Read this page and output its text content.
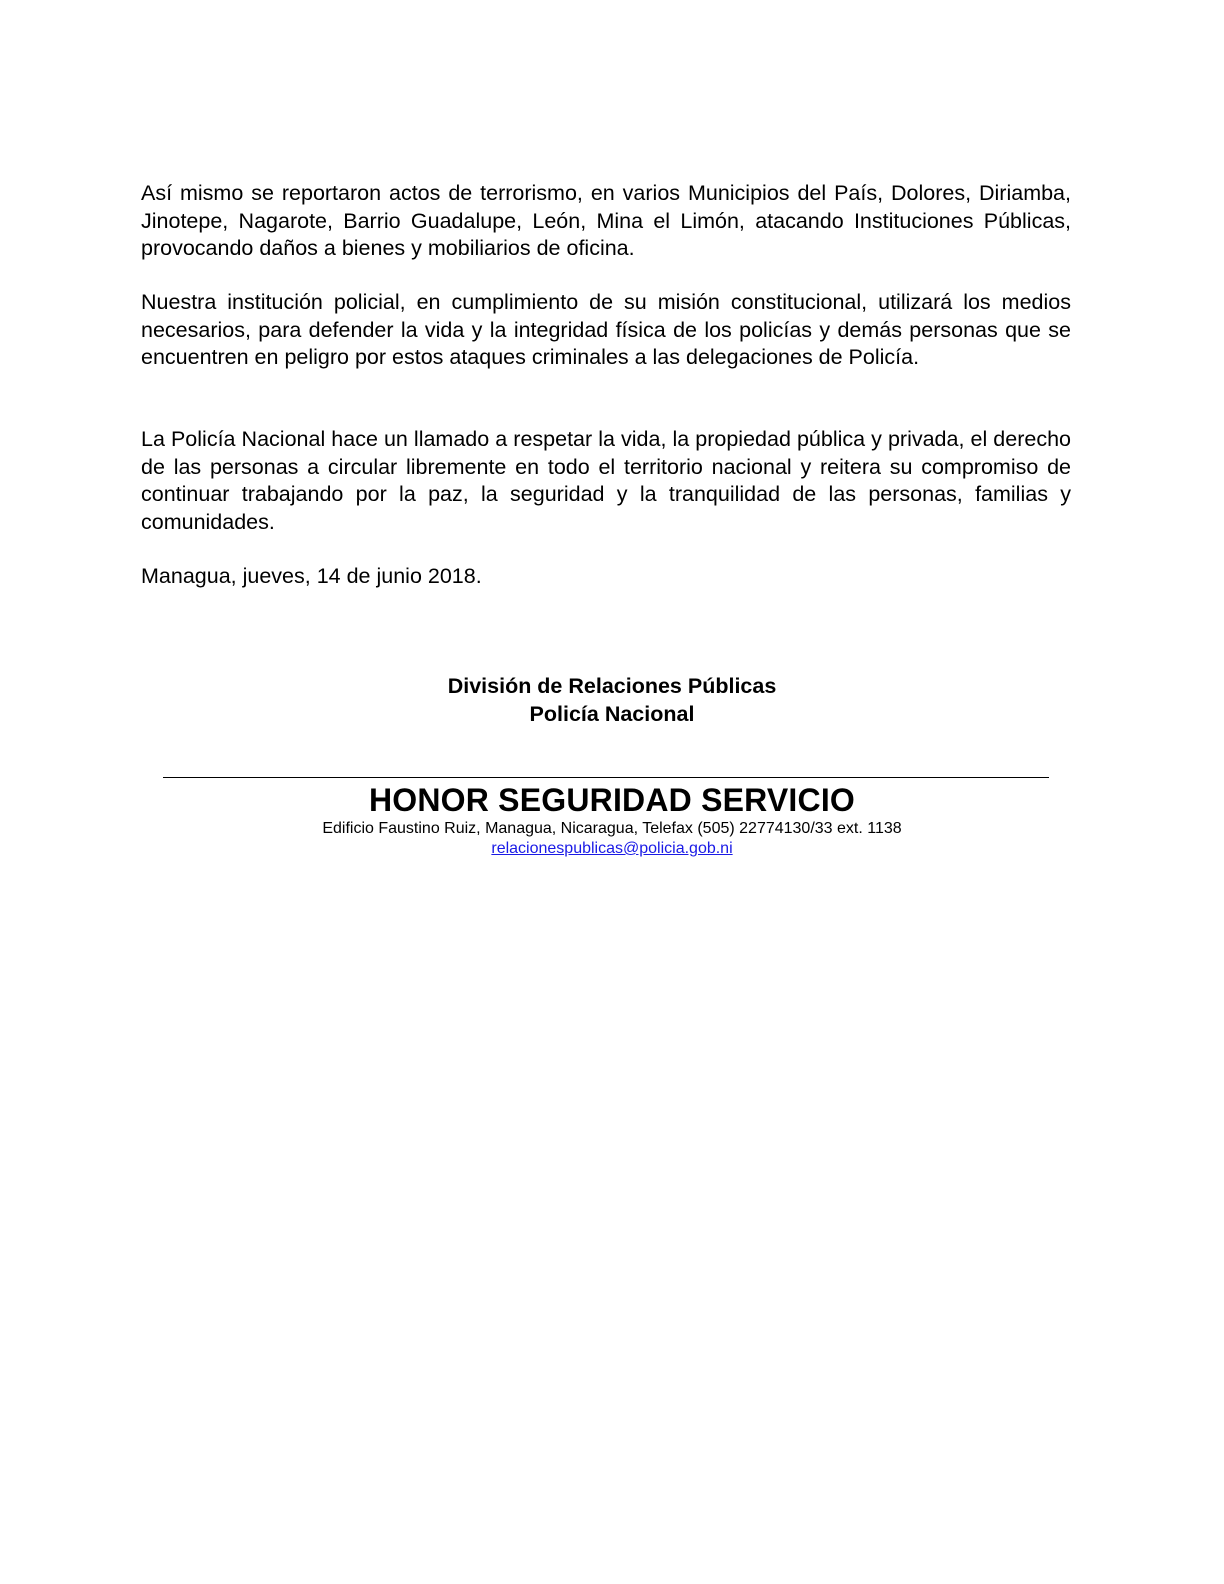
Así mismo se reportaron actos de terrorismo, en varios Municipios del País, Dolores, Diriamba, Jinotepe, Nagarote, Barrio Guadalupe, León, Mina el Limón, atacando Instituciones Públicas, provocando daños a bienes y mobiliarios de oficina.

Nuestra institución policial, en cumplimiento de su misión constitucional, utilizará los medios necesarios, para defender la vida y la integridad física de los policías y demás personas que se encuentren en peligro por estos ataques criminales a las delegaciones de Policía.

La Policía Nacional hace un llamado a respetar la vida, la propiedad pública y privada, el derecho de las personas a circular libremente en todo el territorio nacional y reitera su compromiso de continuar trabajando por la paz, la seguridad y la tranquilidad de las personas, familias y comunidades.

Managua, jueves, 14 de junio 2018.

División de Relaciones Públicas
Policía Nacional
HONOR SEGURIDAD SERVICIO
Edificio Faustino Ruiz, Managua, Nicaragua, Telefax (505) 22774130/33 ext. 1138
relacionespublicas@policia.gob.ni
